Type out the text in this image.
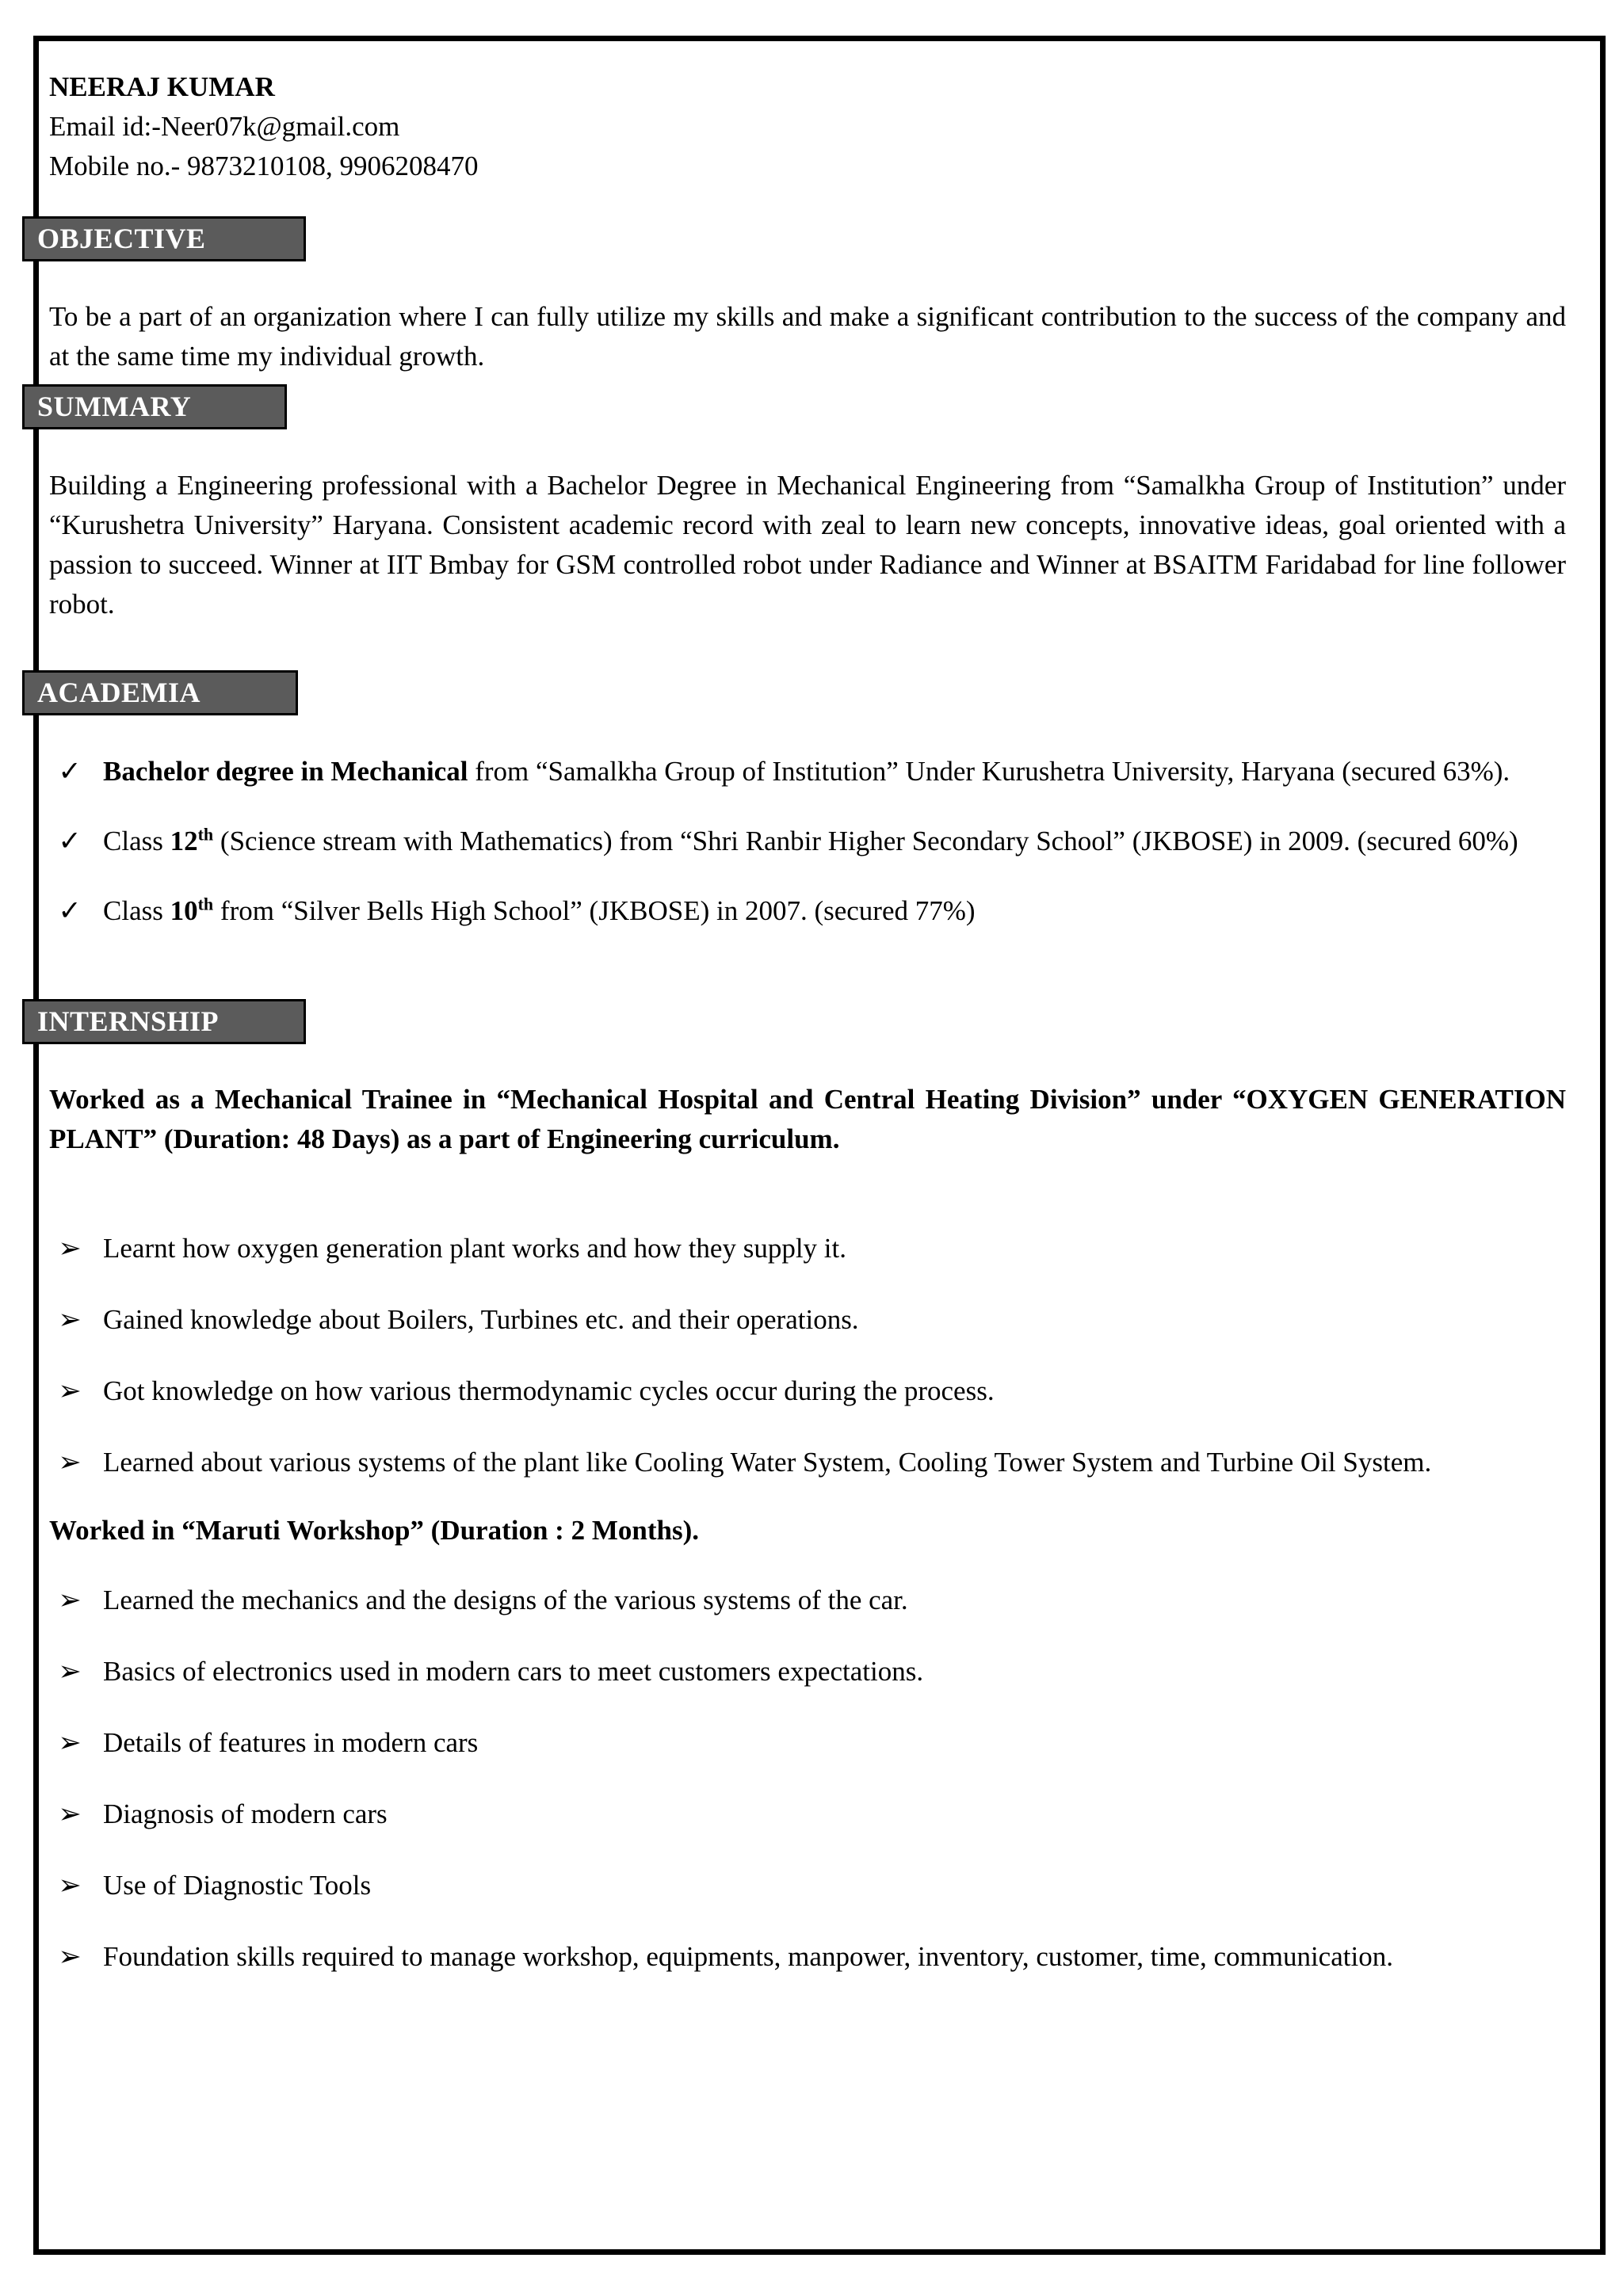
NEERAJ KUMAR

Email id:-Neer07k@gmail.com

Mobile no.- 9873210108, 9906208470

OBJECTIVE

To be a part of an organization where I can fully utilize my skills and make a significant contribution to the success of the company and at the same time my individual growth.

SUMMARY

Building a Engineering professional with a Bachelor Degree in Mechanical Engineering from “Samalkha Group of Institution” under “Kurushetra University” Haryana. Consistent academic record with zeal to learn new concepts, innovative ideas, goal oriented with a passion to succeed. Winner at IIT Bmbay for GSM controlled robot under Radiance and Winner at BSAITM Faridabad for line follower robot.

ACADEMIA

✓ Bachelor degree in Mechanical from “Samalkha Group of Institution” Under Kurushetra University, Haryana (secured 63%).

✓ Class 12th (Science stream with Mathematics) from “Shri Ranbir Higher Secondary School” (JKBOSE) in 2009. (secured 60%)

✓ Class 10th from “Silver Bells High School” (JKBOSE) in 2007. (secured 77%)

INTERNSHIP

Worked as a Mechanical Trainee in “Mechanical Hospital and Central Heating Division” under “OXYGEN GENERATION PLANT” (Duration: 48 Days) as a part of Engineering curriculum.

➢ Learnt how oxygen generation plant works and how they supply it.

➢ Gained knowledge about Boilers, Turbines etc. and their operations.

➢ Got knowledge on how various thermodynamic cycles occur during the process.

➢ Learned about various systems of the plant like Cooling Water System, Cooling Tower System and Turbine Oil System.

Worked in “Maruti Workshop” (Duration : 2 Months).

➢ Learned the mechanics and the designs of the various systems of the car.

➢ Basics of electronics used in modern cars to meet customers expectations.

➢ Details of features in modern cars

➢ Diagnosis of modern cars

➢ Use of Diagnostic Tools

➢ Foundation skills required to manage workshop, equipments, manpower, inventory, customer, time, communication.
